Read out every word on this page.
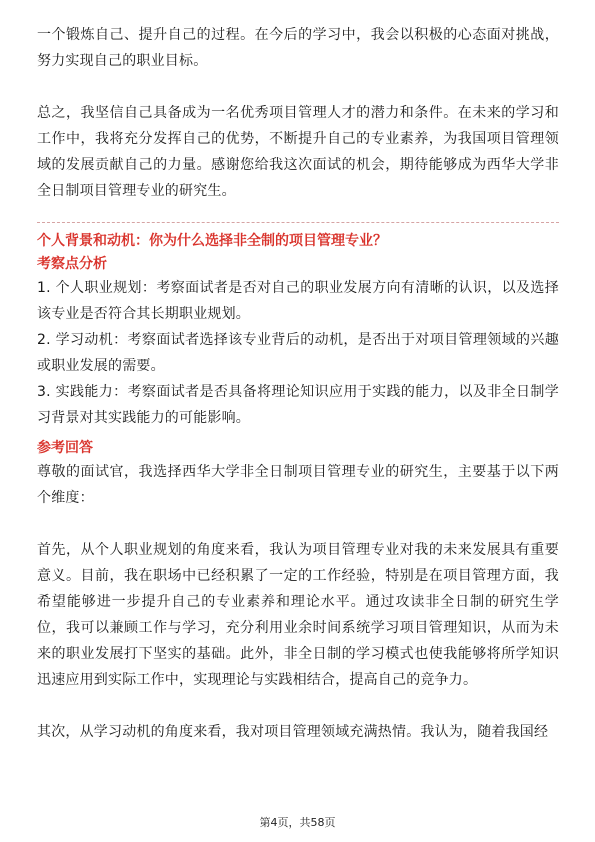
一个锻炼自己、提升自己的过程。在今后的学习中，我会以积极的心态面对挑战，努力实现自己的职业目标。

总之，我坚信自己具备成为一名优秀项目管理人才的潜力和条件。在未来的学习和工作中，我将充分发挥自己的优势，不断提升自己的专业素养，为我国项目管理领域的发展贡献自己的力量。感谢您给我这次面试的机会，期待能够成为西华大学非全日制项目管理专业的研究生。

个人背景和动机：你为什么选择非全制的项目管理专业？
考察点分析

1. 个人职业规划：考察面试者是否对自己的职业发展方向有清晰的认识，以及选择该专业是否符合其长期职业规划。

2. 学习动机：考察面试者选择该专业背后的动机，是否出于对项目管理领域的兴趣或职业发展的需要。

3. 实践能力：考察面试者是否具备将理论知识应用于实践的能力，以及非全日制学习背景对其实践能力的可能影响。

参考回答

尊敬的面试官，我选择西华大学非全日制项目管理专业的研究生，主要基于以下两个维度：

首先，从个人职业规划的角度来看，我认为项目管理专业对我的未来发展具有重要意义。目前，我在职场中已经积累了一定的工作经验，特别是在项目管理方面，我希望能够进一步提升自己的专业素养和理论水平。通过攻读非全日制的研究生学位，我可以兼顾工作与学习，充分利用业余时间系统学习项目管理知识，从而为未来的职业发展打下坚实的基础。此外，非全日制的学习模式也使我能够将所学知识迅速应用到实际工作中，实现理论与实践相结合，提高自己的竞争力。

其次，从学习动机的角度来看，我对项目管理领域充满热情。我认为，随着我国经

第4页，共58页
